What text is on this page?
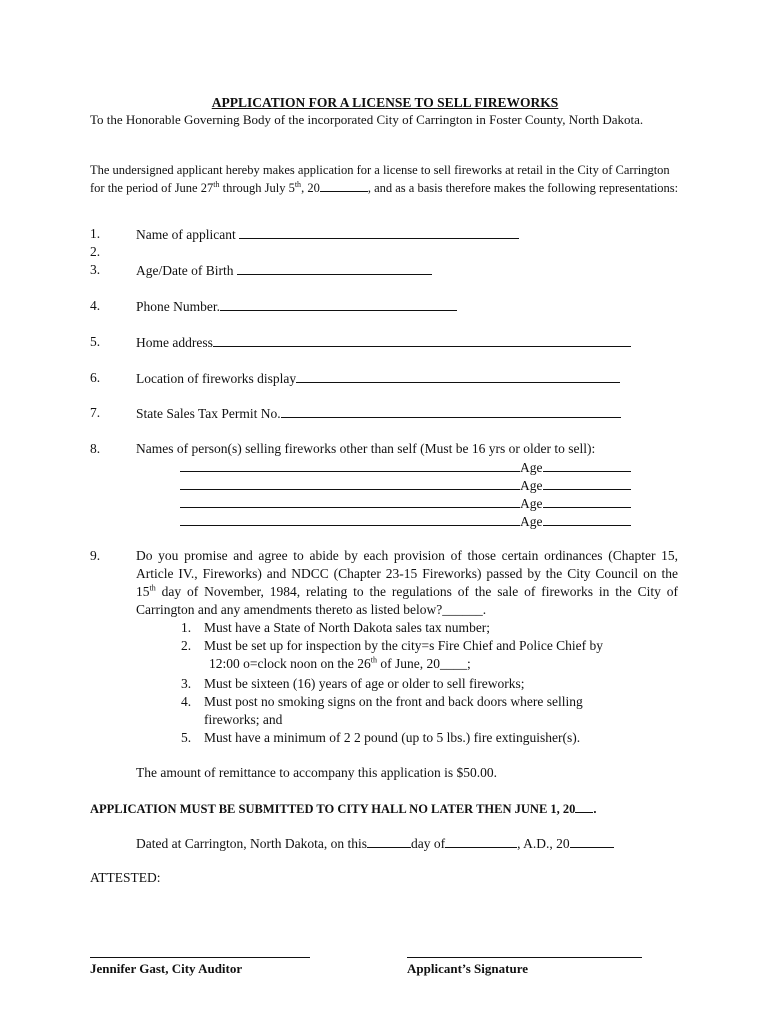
APPLICATION FOR A LICENSE TO SELL FIREWORKS
To the Honorable Governing Body of the incorporated City of Carrington in Foster County, North Dakota.
The undersigned applicant hereby makes application for a license to sell fireworks at retail in the City of Carrington for the period of June 27th through July 5th, 20	, and as a basis therefore makes the following representations:
1.	Name of applicant
2.
3.	Age/Date of Birth
4.	Phone Number.
5.	Home address
6.	Location of fireworks display
7.	State Sales Tax Permit No.
8.	Names of person(s) selling fireworks other than self (Must be 16 yrs or older to sell):
Age
Age
Age
Age
9.	Do you promise and agree to abide by each provision of those certain ordinances (Chapter 15, Article IV., Fireworks) and NDCC (Chapter 23-15 Fireworks) passed by the City Council on the 15th day of November, 1984, relating to the regulations of the sale of fireworks in the City of Carrington and any amendments thereto as listed below?______.
1. Must have a State of North Dakota sales tax number;
2. Must be set up for inspection by the city=s Fire Chief and Police Chief by
12:00 o=clock noon on the 26th of June, 20____;
3. Must be sixteen (16) years of age or older to sell fireworks;
4. Must post no smoking signs on the front and back doors where selling
fireworks; and
5. Must have a minimum of 2 2 pound (up to 5 lbs.) fire extinguisher(s).
The amount of remittance to accompany this application is $50.00.
APPLICATION MUST BE SUBMITTED TO CITY HALL NO LATER THEN JUNE 1, 20 .
Dated at Carrington, North Dakota, on this	day of	, A.D., 20
ATTESTED:
Jennifer Gast, City Auditor	Applicant’s Signature
